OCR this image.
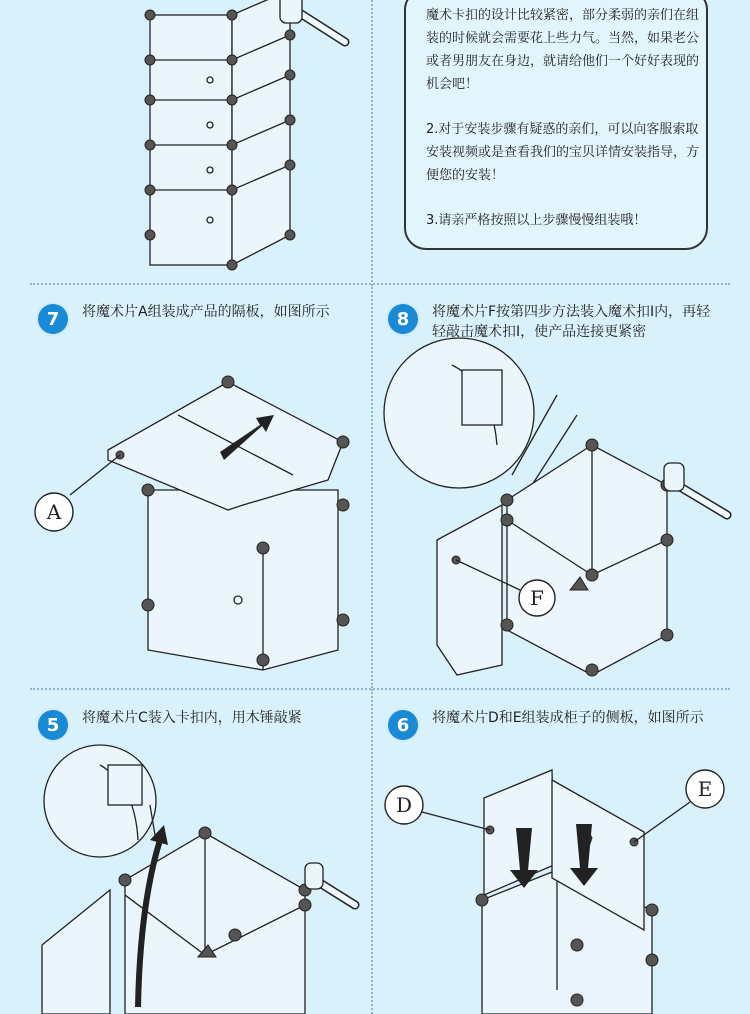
魔术卡扣的设计比较紧密，部分柔弱的亲们在组装的时候就会需要花上些力气。当然，如果老公或者男朋友在身边，就请给他们一个好好表现的机会吧！

2.对于安装步骤有疑惑的亲们，可以向客服索取安装视频或是查看我们的宝贝详情安装指导，方便您的安装！

3.请亲严格按照以上步骤慢慢组装哦！

7	将魔术片A组装成产品的隔板，如图所示
A
8	将魔术片F按第四步方法装入魔术扣I内，再轻轻敲击魔术扣I，使产品连接更紧密
F
5	将魔术片C装入卡扣内，用木锤敲紧	6	将魔术片D和E组装成柜子的侧板，如图所示
D
E
